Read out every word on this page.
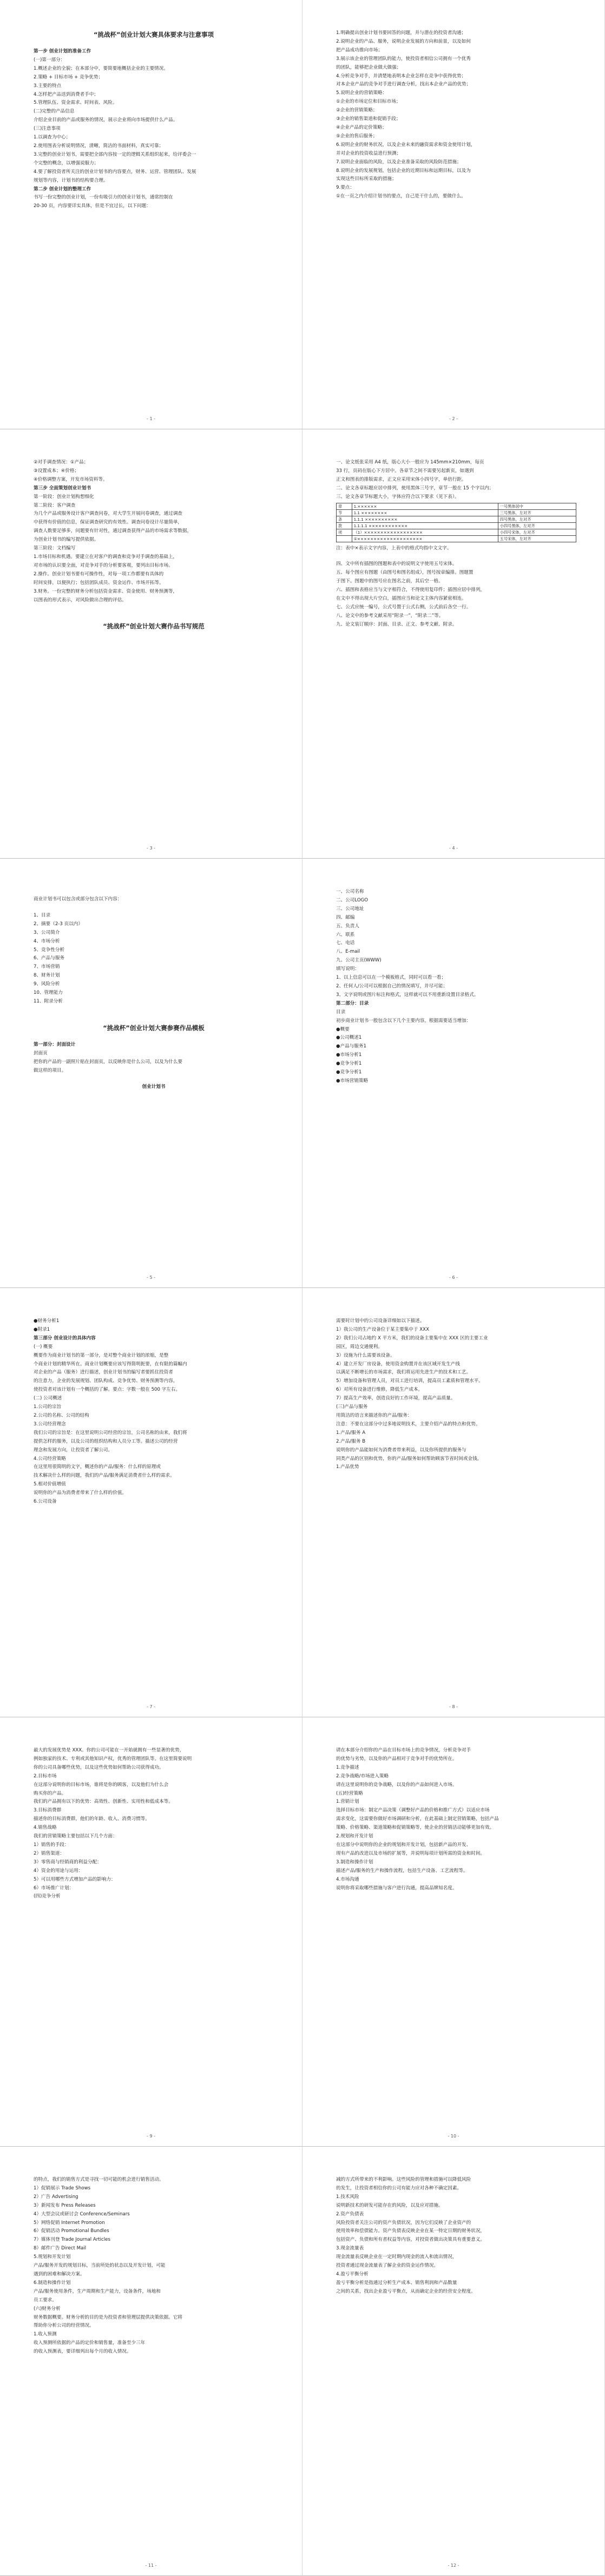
“挑战杯”创业计划大赛具体要求与注意事项
第一步 创业计划的准备工作
(一)第一部分：
1.概述企业的全貌；在本部分中，要简要地概括企业的主要情况。
2.策略 + 目标市场 + 竞争优势；
3.主要的特点
4.怎样把产品送到消费者手中；
5.管理队伍、资金需求、时间表、风险。
(二)完整的产品信息
介绍企业目前的产品或服务的情况，展示企业将向市场提供什么产品。
(三)注意事项
1.以调查为中心；
2.使用图表分析说明情况，清晰，简洁的书面材料，真实可靠；
3.完整的创业计划书，需要把全部内容按一定的逻辑关系组织起来，给评委会一
个完整的概念，以增强说服力；
4.要了解投资者所关注的创业计划书的内容要点，财务、运营、管理团队、发展
规划等内容，计划书的结构要合理。
第二步 创业计划的整理工作
书写一份完整的创业计划，一份有吸引力的创业计划书，通常控制在
20-30 页，内容要详实具体，但是不宜过长，以下问题：
- 1 -
1.明确提出创业计划书要回答的问题，并与潜在的投资者沟通；
2.说明企业的产品、服务，说明企业发展的方向和前景，以及如何
把产品成功推向市场；
3.展示该企业的管理团队的能力，使投资者相信公司拥有一个优秀
的团队，能够把企业做大做强；
4.分析竞争对手，并清楚地表明本企业怎样在竞争中获得优势；
对本企业产品的竞争对手进行调查分析，找出本企业产品的优势；
5.说明企业的营销策略：
①企业的市场定位和目标市场；
②企业的营销策略；
③企业的销售渠道和促销手段；
④企业产品的定价策略；
⑤企业的售后服务；
6.说明企业的财务状况，以及企业未来的融资需求和资金使用计划，
并对企业的投资收益进行预测；
7.说明企业面临的风险，以及企业准备采取的风险防范措施；
8.说明企业的发展规划，包括企业的近期目标和远期目标，以及为
实现这些目标所采取的措施；
9.要点：
①在一页之内介绍计划书的要点，自己是干什么的，要做什么。
- 2 -
②对手调查情况：①产品；
③设置成本；④价格；
④价格调整方案，开发市场资料等。
第三步 全面策划创业计划书
第一阶段：创业计划构想细化
第二阶段：客户调查
为几个产品或服务设计客户调查问卷，对大学生开展问卷调查，通过调查
中获得有价值的信息，保证调查研究的有效性。调查问卷设计尽量简单，
调查人数要足够多，问题要有针对性，通过调查获得产品的市场需求等数据，
为创业计划书的编写提供依据。
第三阶段：文档编写
1.市场目标和机遇。要建立在对客户的调查和竞争对手调查的基础上，
对市场的认识要全面，对竞争对手的分析要客观，要列出目标市场。
2.操作。创业计划书要有可操作性，对每一项工作都要有具体的
时间安排，以便执行；包括团队成员、资金运作、市场开拓等。
3.财务。一份完整的财务分析包括资金需求、资金使用、财务预测等，
以图表的形式表示，对风险做出合理的评估。
“挑战杯”创业计划大赛作品书写规范
- 3 -
一、论文纸张采用 A4 纸，版心大小一般应为 145mm×210mm，每页
33 行，页码在版心下方居中。各章节之间不需要另起新页，如遇到
正文和图表的排版需求，正文应采用宋体小四号字，单倍行距。
二、论文各章标题应居中排列，使用黑体三号字，章节一般在 15 个字以内；
三、论文各章节标题大小，字体应符合以下要求（见下表）。
章	1.××××××	一号黑体居中
节	1.1 ××××××××	三号黑体，左对齐
条	1.1.1 ××××××××××	四号黑体，左对齐
款	1.1.1.1 ××××××××××××	小四号黑体，左对齐
项	（1）××××××××××××××××××	小四号宋体，左对齐
	①××××××××××××××××××××	五号宋体，左对齐
注：表中×表示文字内容，上表中的格式均指中文文字。
四、文中所有插图的图题和表中的说明文字使用五号宋体。
五、每个图应有图题（由图号和图名组成），图号按章编排。图题置
于图下。图题中的图号应在图名之前，其后空一格。
六、插图和表格应当与文字相符合，不得使用复印件；插图应居中排列，
在文中不得出现大片空白，插图应当和论文主体内容紧密相连。
七、公式应统一编号，公式号置于公式右侧，公式前后各空一行。
八、论文中的参考文献采用“附录一”，“附录二”等。
九、论文装订顺序：封面、目录、正文、参考文献、附录。
- 4 -
商业计划书可以包含或部分包含以下内容：
1、目录
2、摘要（2-3 页以内）
3、公司简介
4、市场分析
5、竞争性分析
6、产品与服务
7、市场营销
8、财务计划
9、风险分析
10、管理能力
11、附录分析
“挑战杯”创业计划大赛参赛作品模板
第一部分：封面设计
封面页
把你的产品的一副照片贴在封面页，以反映你是什么公司，以及为什么要
做这样的项目。
创业计划书
- 5 -
一、公司名称
二、公司LOGO
三、公司地址
四、邮编
五、负责人
六、联系
七、电话
八、E-mail
九、公司主页(WWW)
填写说明：
1、以上信息可以在一个模板格式，同时可以看一看；
2、任何人/公司可以根据自己的情况填写，并尽可能；
3、文字说明或图片标注和格式，这样就可以不用重新设置目录格式。
第二部分：目录
目录
初步商业计划书一般包含以下几个主要内容，根据需要适当增加：
●概要
●公司概述1
●产品与服务1
●市场分析1
●竞争分析1
●竞争分析1
●市场营销策略
- 6 -
●财务分析1
●附录1
第三部分 创业设计的具体内容
(一) 概要
概要作为商业计划书的第一部分，是对整个商业计划的浓缩，是整
个商业计划的精华所在。商业计划概要应该写得简明扼要，在有限的篇幅内
对企业的产品（服务）进行描述，创业计划书的编写者要抓住投资者
的注意力，企业的发展规划、团队构成、竞争优势、财务预测等内容，
使投资者对该计划有一个概括的了解。要点：字数一般在 500 字左右。
(二) 公司概述
1.公司的宗旨
2.公司的名称、公司的结构
3.公司经营理念
我们公司的宗旨是：在这里说明公司经营的宗旨，公司名称的由来，我们将
提供怎样的服务，以及公司的组织结构和人员分工等。描述公司的经营
理念和发展方向，让投资者了解公司。
4.公司经营策略
在这里用很简明的文字，概述你的产品/服务：什么样的原理或
技术解决什么样的问题，我们的产品/服务满足消费者什么样的需求。
5.相对价值增值
说明你的产品为消费者带来了什么样的价值。
6.公司设备
- 7 -
需要时计划中的公司设备详细如以下描述。
1）我公司的生产设备位于某主要集中于 XXX
2）我们公司占地约 X 平方米，我们的设备主要集中在 XXX 区的主要工业
园区，周边交通便利。
3）设施为什么需要该设备。
4）建立开发厂房设备，使用资金购置并在该区域开发生产线
以满足不断增长的市场需求，我们将运用先进生产的技术和工艺。
5）增加设备和管理人员，对员工进行培训，提高员工素质和管理水平。
6）对所有设备进行维修，降低生产成本。
7）提高生产效率，创造良好的工作环境，提高产品质量。
(三)产品与服务
用简洁的语言来描述你的产品/服务：
注意：不要在这部分中过多地说明技术，主要介绍产品的特点和优势。
1.产品/服务 A
2.产品/服务 B
说明你的产品能如何为消费者带来利益，以及你所提供的服务与
同类产品的区别和优势，你的产品/服务如何帮助顾客节省时间或金钱。
1.产品优势
- 8 -
最大的发展优势是 XXX。你的公司可能在一开始就拥有一些显著的优势，
例如独家的技术、专利或其他知识产权，优秀的管理团队等。在这里简要说明
你的公司具备哪些优势，以及这些优势如何帮助公司获得成功。
2.目标市场
在这部分说明你的目标市场，谁将是你的顾客，以及他们为什么会
购买你的产品。
我们的产品拥有以下的优势：高效性、创新性、实用性和低成本等。
3.目标消费群
描述你的目标消费群，他们的年龄、收入、消费习惯等。
4.销售战略
我们的营销策略主要包括以下几个方面：
1）销售的手段：
2）销售渠道：
3）零售商与经销商的利益分配：
4）资金的用途与运用：
5）可以用哪些方式增加产品的影响力：
6）市场推广计划：
(四)竞争分析
- 9 -
请在本部分介绍你的产品在目标市场上的竞争情况，分析竞争对手
的优势与劣势，以及你的产品相对于竞争对手的优势所在。
1.竞争描述
2.竞争战略/市场进入策略
请在这里说明你的竞争战略，以及你的产品如何进入市场。
(五)经营策略
1.营销计划
选择目标市场：制定产品决策（调整好产品的价格和推广方式）以适应市场
需求变化，这需要你做好市场调研和分析，在此基础上制定营销策略，包括产品
策略、价格策略、渠道策略和促销策略等，使企业的营销活动能够更加有效。
2.规划和开发计划
在这部分中说明你的企业的规划和开发计划，包括新产品的开发、
现有产品的改进以及市场的扩展等，并说明每项计划所需的资金和时间。
3.制造和操作计划
描述产品/服务的生产和操作流程，包括生产设备、工艺流程等。
4.市场沟通
说明你将采取哪些措施与客户进行沟通，提高品牌知名度。
- 10 -
的特点，我们的销售方式是寻找一切可能的机会进行销售活动。
1）促销展示 Trade Shows
2）广告 Advertising
3）新闻发布 Press Releases
4）大型会议或研讨会 Conference/Seminars
5）网络促销 Internet Promotion
6）促销活动 Promotional Bundles
7）媒体刊登 Trade Journal Articles
8）邮件广告 Direct Mail
5.规划和开发计划
产品/服务开发的规划目标，当前所处的状态以及开发计划，可能
遇到的困难和解决方案。
6.制造和操作计划
产品/服务使用条件，生产周期和生产能力，设备条件，场地和
员工要求。
(六)财务分析
财务数据概要。财务分析的目的是为投资者和管理层提供决策依据。它将
帮助你分析公司的经营情况。
1.收入预测
收入预测所依据的产品的定价和销售量，准备至少三年
的收入预测表，要详细列出每个月的收入情况。
- 11 -
减的方式所带来的不利影响。这些风险的管理和措施可以降低风险
的发生，让投资者相信你的公司有能力应对各种不确定因素。
1.技术风险
说明新技术的研发可能存在的风险，以及应对措施。
2.资产负债表
风险投资者关注公司的资产负债状况，因为它们反映了企业资产的
使用效率和偿债能力。资产负债表反映企业在某一特定日期的财务状况，
包括资产、负债和所有者权益等内容，对投资者做出决策具有重要意义。
3.现金流量表
现金流量表反映企业在一定时期内现金的流入和流出情况，
投资者通过现金流量表了解企业的资金运作情况。
4.盈亏平衡分析
盈亏平衡分析是指通过分析生产成本、销售利润和产品数量
之间的关系，找出企业盈亏平衡点，从而确定企业的经营安全程度。
- 12 -
